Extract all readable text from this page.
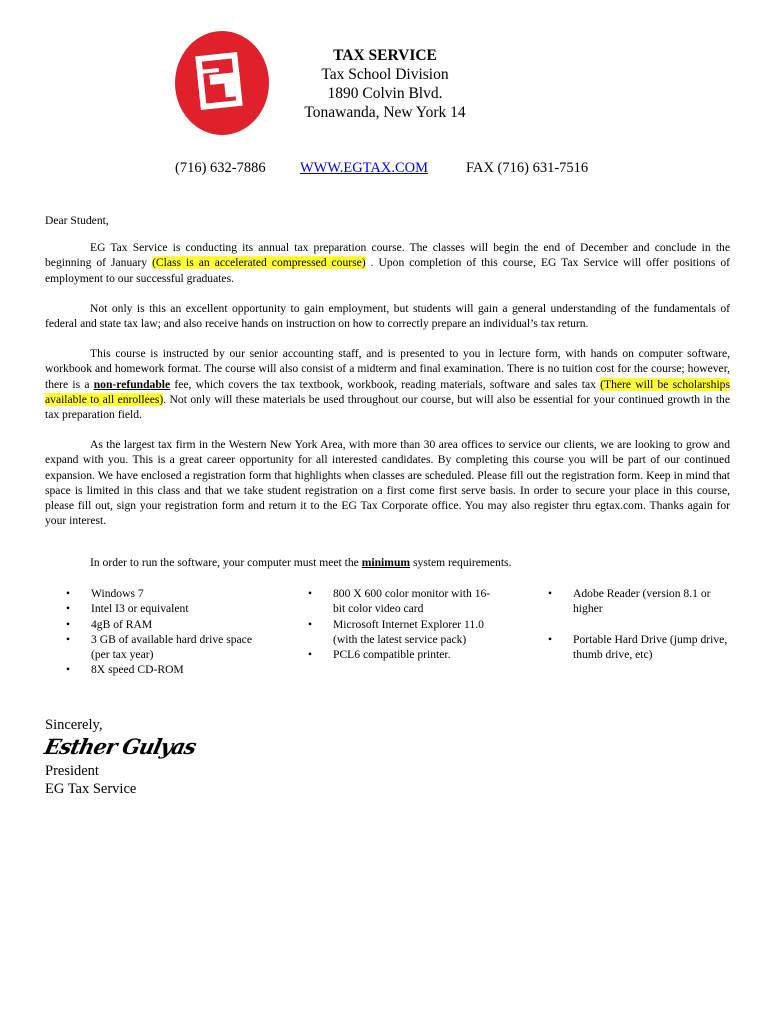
TAX SERVICE
Tax School Division
1890 Colvin Blvd.
Tonawanda, New York 14
(716) 632-7886 WWW.EGTAX.COM	FAX (716) 631-7516

Dear Student,

EG Tax Service is conducting its annual tax preparation course. The classes will begin the end of December and conclude in the beginning of January (Class is an accelerated compressed course) . Upon completion of this course, EG Tax Service will offer positions of employment to our successful graduates.

Not only is this an excellent opportunity to gain employment, but students will gain a general understanding of the fundamentals of federal and state tax law; and also receive hands on instruction on how to correctly prepare an individual’s tax return.

This course is instructed by our senior accounting staff, and is presented to you in lecture form, with hands on computer software, workbook and homework format. The course will also consist of a midterm and final examination. There is no tuition cost for the course; however, there is a non-refundable fee, which covers the tax textbook, workbook, reading materials, software and sales tax (There will be scholarships available to all enrollees). Not only will these materials be used throughout our course, but will also be essential for your continued growth in the tax preparation field.

As the largest tax firm in the Western New York Area, with more than 30 area offices to service our clients, we are looking to grow and expand with you. This is a great career opportunity for all interested candidates. By completing this course you will be part of our continued expansion. We have enclosed a registration form that highlights when classes are scheduled. Please fill out the registration form. Keep in mind that space is limited in this class and that we take student registration on a first come first serve basis. In order to secure your place in this course, please fill out, sign your registration form and return it to the EG Tax Corporate office. You may also register thru egtax.com. Thanks again for your interest.

In order to run the software, your computer must meet the minimum system requirements.
• Windows 7
• Intel I3 or equivalent
• 4gB of RAM
• 3 GB of available hard drive space (per tax year)
• 8X speed CD-ROM
• 800 X 600 color monitor with 16-bit color video card
• Microsoft Internet Explorer 11.0 (with the latest service pack)
• PCL6 compatible printer.
• Adobe Reader (version 8.1 or higher
• Portable Hard Drive (jump drive, thumb drive, etc)
Sincerely,
Esther Gulyas
President
EG Tax Service
